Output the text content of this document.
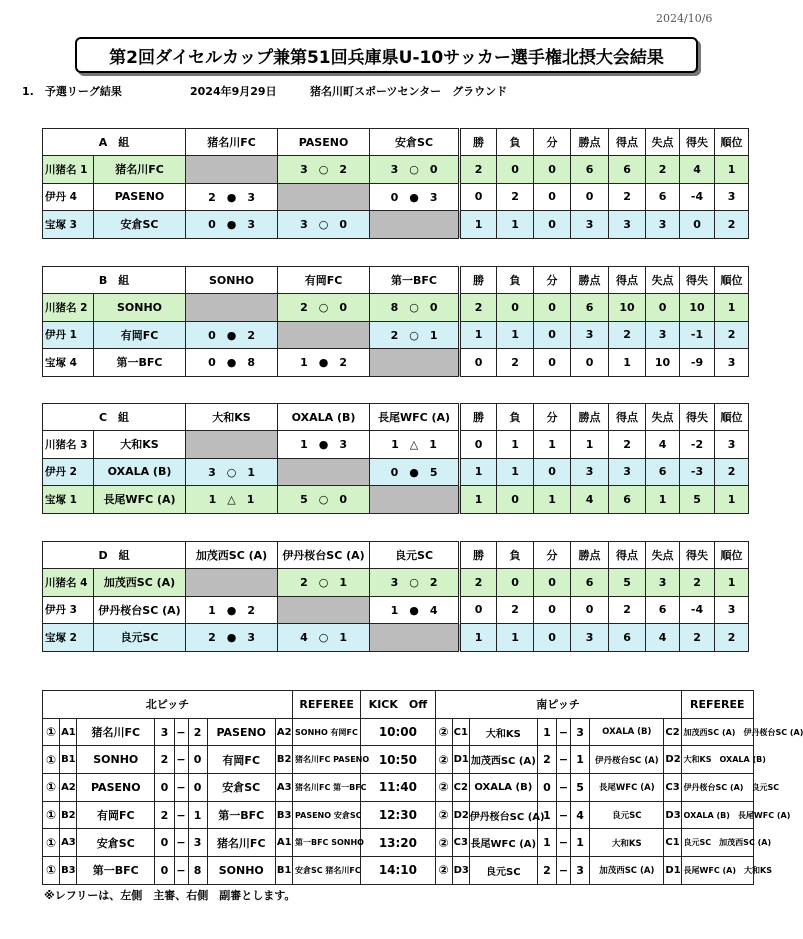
2024/10/6
第2回ダイセルカップ兼第51回兵庫県U-10サッカー選手権北摂大会結果
1.　予選リーグ結果	2024年9月29日	猪名川町スポーツセンター　グラウンド
A　組		猪名川FC	PASENO	安倉SC	勝	負	分	勝点	得点	失点	得失	順位
川猪名 1	猪名川FC		3　○　2	3　○　0	2	0	0	6	6	2	4	1
伊丹 4	PASENO	2　●　3		0　●　3	0	2	0	0	2	6	-4	3
宝塚 3	安倉SC	0　●　3	3　○　0		1	1	0	3	3	3	0	2
B　組		SONHO	有岡FC	第一BFC	勝	負	分	勝点	得点	失点	得失	順位
川猪名 2	SONHO		2　○　0	8　○　0	2	0	0	6	10	0	10	1
伊丹 1	有岡FC	0　●　2		2　○　1	1	1	0	3	2	3	-1	2
宝塚 4	第一BFC	0　●　8	1　●　2		0	2	0	0	1	10	-9	3
C　組		大和KS	OXALA (B)	長尾WFC (A)	勝	負	分	勝点	得点	失点	得失	順位
川猪名 3	大和KS		1　●　3	1　△　1	0	1	1	1	2	4	-2	3
伊丹 2	OXALA (B)	3　○　1		0　●　5	1	1	0	3	3	6	-3	2
宝塚 1	長尾WFC (A)	1　△　1	5　○　0		1	0	1	4	6	1	5	1
D　組		加茂西SC (A)	伊丹桜台SC (A)	良元SC	勝	負	分	勝点	得点	失点	得失	順位
川猪名 4	加茂西SC (A)		2　○　1	3　○　2	2	0	0	6	5	3	2	1
伊丹 3	伊丹桜台SC (A)	1　●　2		1　●　4	0	2	0	0	2	6	-4	3
宝塚 2	良元SC	2　●　3	4　○　1		1	1	0	3	6	4	2	2
北ピッチ								REFEREE	KICK　Off	南ピッチ								REFEREE
①	A1	猪名川FC	3	−	2	PASENO	A2	SONHO 有岡FC	10:00	②	C1	大和KS	1	−	3	OXALA (B)	C2	加茂西SC (A)　伊丹桜台SC (A)
①	B1	SONHO	2	−	0	有岡FC	B2	猪名川FC PASENO	10:50	②	D1	加茂西SC (A)	2	−	1	伊丹桜台SC (A)	D2	大和KS　OXALA (B)
①	A2	PASENO	0	−	0	安倉SC	A3	猪名川FC 第一BFC	11:40	②	C2	OXALA (B)	0	−	5	長尾WFC (A)	C3	伊丹桜台SC (A)　良元SC
①	B2	有岡FC	2	−	1	第一BFC	B3	PASENO 安倉SC	12:30	②	D2	伊丹桜台SC (A)	1	−	4	良元SC	D3	OXALA (B)　長尾WFC (A)
①	A3	安倉SC	0	−	3	猪名川FC	A1	第一BFC SONHO	13:20	②	C3	長尾WFC (A)	1	−	1	大和KS	C1	良元SC　加茂西SC (A)
①	B3	第一BFC	0	−	8	SONHO	B1	安倉SC 猪名川FC	14:10	②	D3	良元SC	2	−	3	加茂西SC (A)	D1	長尾WFC (A)　大和KS
※レフリーは、左側　主審、右側　副審とします。
